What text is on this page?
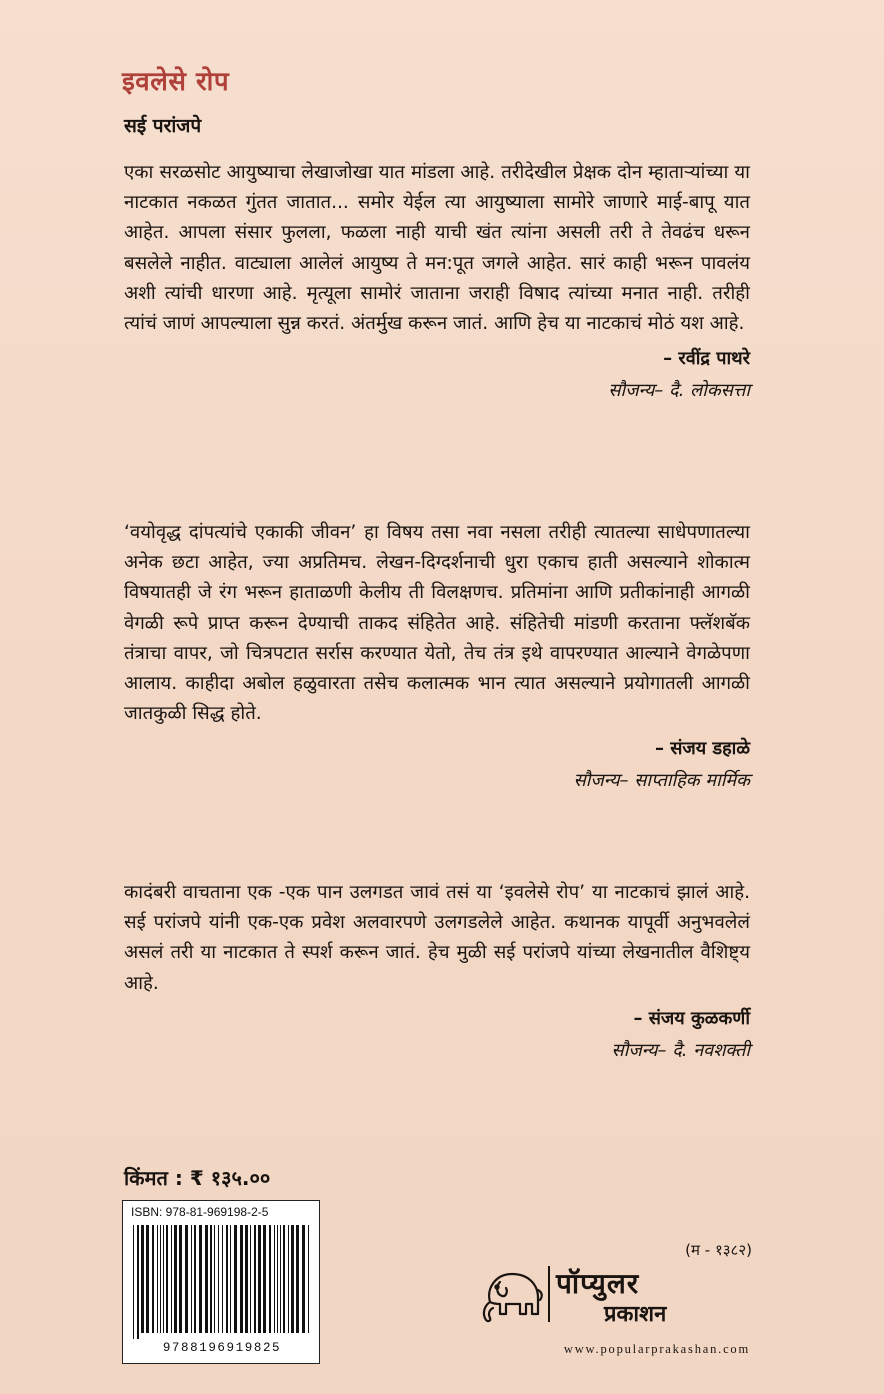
इवलेसे रोप
सई परांजपे

एका सरळसोट आयुष्याचा लेखाजोखा यात मांडला आहे. तरीदेखील प्रेक्षक दोन म्हाताऱ्यांच्या या नाटकात नकळत गुंतत जातात... समोर येईल त्या आयुष्याला सामोरे जाणारे माई-बापू यात आहेत. आपला संसार फुलला, फळला नाही याची खंत त्यांना असली तरी ते तेवढंच धरून बसलेले नाहीत. वाट्याला आलेलं आयुष्य ते मन:पूत जगले आहेत. सारं काही भरून पावलंय अशी त्यांची धारणा आहे. मृत्यूला सामोरं जाताना जराही विषाद त्यांच्या मनात नाही. तरीही त्यांचं जाणं आपल्याला सुन्न करतं. अंतर्मुख करून जातं. आणि हेच या नाटकाचं मोठं यश आहे.

– रवींद्र पाथरे
सौजन्य– दै. लोकसत्ता

‘वयोवृद्ध दांपत्यांचे एकाकी जीवन’ हा विषय तसा नवा नसला तरीही त्यातल्या साधेपणातल्या अनेक छटा आहेत, ज्या अप्रतिमच. लेखन-दिग्दर्शनाची धुरा एकाच हाती असल्याने शोकात्म विषयातही जे रंग भरून हाताळणी केलीय ती विलक्षणच. प्रतिमांना आणि प्रतीकांनाही आगळी वेगळी रूपे प्राप्त करून देण्याची ताकद संहितेत आहे. संहितेची मांडणी करताना फ्लॅशबॅक तंत्राचा वापर, जो चित्रपटात सर्रास करण्यात येतो, तेच तंत्र इथे वापरण्यात आल्याने वेगळेपणा आलाय. काहीदा अबोल हळुवारता तसेच कलात्मक भान त्यात असल्याने प्रयोगातली आगळी जातकुळी सिद्ध होते.

– संजय डहाळे
सौजन्य– साप्ताहिक मार्मिक

कादंबरी वाचताना एक -एक पान उलगडत जावं तसं या ‘इवलेसे रोप’ या नाटकाचं झालं आहे. सई परांजपे यांनी एक-एक प्रवेश अलवारपणे उलगडलेले आहेत. कथानक यापूर्वी अनुभवलेलं असलं तरी या नाटकात ते स्पर्श करून जातं. हेच मुळी सई परांजपे यांच्या लेखनातील वैशिष्ट्य आहे.

– संजय कुळकर्णी
सौजन्य– दै. नवशक्ती
किंमत : ₹ १३५.००
ISBN: 978-81-969198-2-5
9788196919825
(म - १३८२)
पॉप्युलर
प्रकाशन
www.popularprakashan.com
